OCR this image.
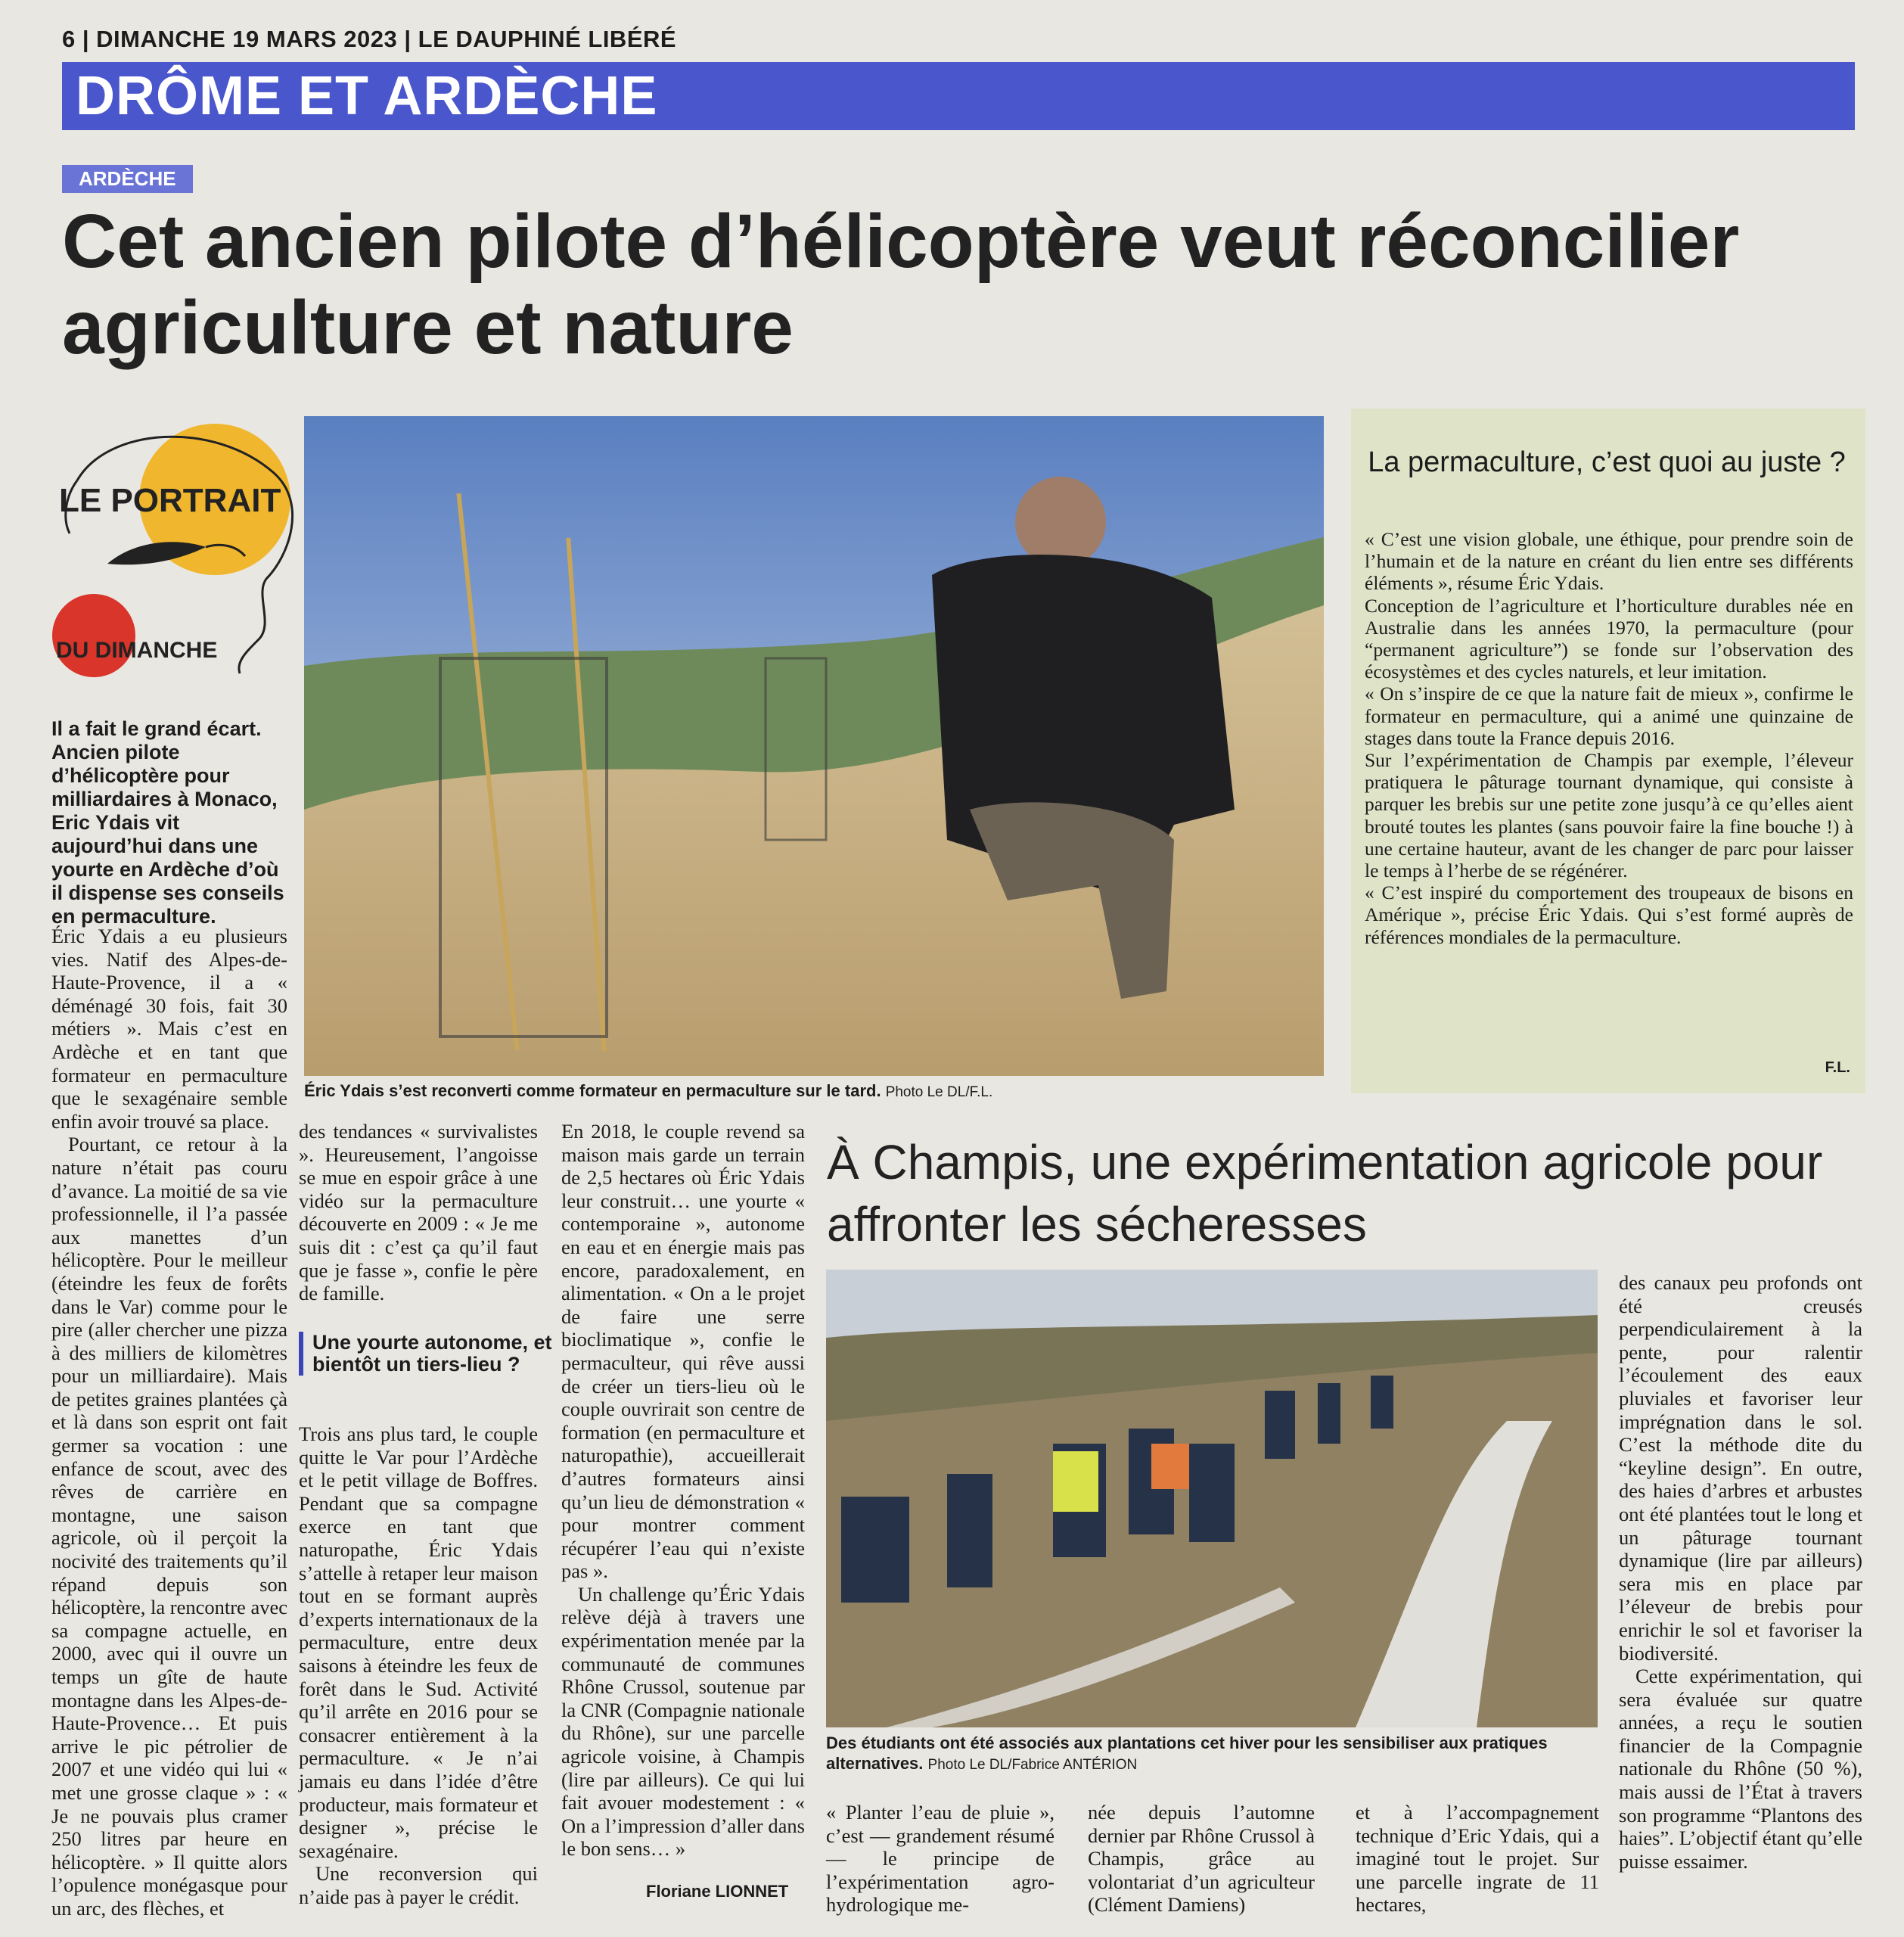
6 | DIMANCHE 19 MARS 2023 | LE DAUPHINÉ LIBÉRÉ
DRÔME ET ARDÈCHE
ARDÈCHE
Cet ancien pilote d’hélicoptère veut réconcilier agriculture et nature
LE PORTRAIT
DU DIMANCHE
Il a fait le grand écart. Ancien pilote d’hélicoptère pour milliardaires à Monaco, Eric Ydais vit aujourd’hui dans une yourte en Ardèche d’où il dispense ses conseils en permaculture.
Éric Ydais s’est reconverti comme formateur en permaculture sur le tard. Photo Le DL/F.L.
La permaculture, c’est quoi au juste ?

« C’est une vision globale, une éthique, pour prendre soin de l’humain et de la nature en créant du lien entre ses différents éléments », résume Éric Ydais.

Conception de l’agriculture et l’horticulture durables née en Australie dans les années 1970, la permaculture (pour “permanent agriculture”) se fonde sur l’observation des écosystèmes et des cycles naturels, et leur imitation.

« On s’inspire de ce que la nature fait de mieux », confirme le formateur en permaculture, qui a animé une quinzaine de stages dans toute la France depuis 2016.

Sur l’expérimentation de Champis par exemple, l’éleveur pratiquera le pâturage tournant dynamique, qui consiste à parquer les brebis sur une petite zone jusqu’à ce qu’elles aient brouté toutes les plantes (sans pouvoir faire la fine bouche !) à une certaine hauteur, avant de les changer de parc pour laisser le temps à l’herbe de se régénérer.

« C’est inspiré du comportement des troupeaux de bisons en Amérique », précise Éric Ydais. Qui s’est formé auprès de références mondiales de la permaculture.

F.L.

Éric Ydais a eu plusieurs vies. Natif des Alpes-de-Haute-Provence, il a « déménagé 30 fois, fait 30 métiers ». Mais c’est en Ardèche et en tant que formateur en permaculture que le sexagénaire semble enfin avoir trouvé sa place.

Pourtant, ce retour à la nature n’était pas couru d’avance. La moitié de sa vie professionnelle, il l’a passée aux manettes d’un hélicoptère. Pour le meilleur (éteindre les feux de forêts dans le Var) comme pour le pire (aller chercher une pizza à des milliers de kilomètres pour un milliardaire). Mais de petites graines plantées çà et là dans son esprit ont fait germer sa vocation : une enfance de scout, avec des rêves de carrière en montagne, une saison agricole, où il perçoit la nocivité des traitements qu’il répand depuis son hélicoptère, la rencontre avec sa compagne actuelle, en 2000, avec qui il ouvre un temps un gîte de haute montagne dans les Alpes-de-Haute-Provence… Et puis arrive le pic pétrolier de 2007 et une vidéo qui lui « met une grosse claque » : « Je ne pouvais plus cramer 250 litres par heure en hélicoptère. » Il quitte alors l’opulence monégasque pour un arc, des flèches, et

des tendances « survivalistes ». Heureusement, l’angoisse se mue en espoir grâce à une vidéo sur la permaculture découverte en 2009 : « Je me suis dit : c’est ça qu’il faut que je fasse », confie le père de famille.

Une yourte autonome, et bientôt un tiers-lieu ?

Trois ans plus tard, le couple quitte le Var pour l’Ardèche et le petit village de Boffres. Pendant que sa compagne exerce en tant que naturopathe, Éric Ydais s’attelle à retaper leur maison tout en se formant auprès d’experts internationaux de la permaculture, entre deux saisons à éteindre les feux de forêt dans le Sud. Activité qu’il arrête en 2016 pour se consacrer entièrement à la permaculture. « Je n’ai jamais eu dans l’idée d’être producteur, mais formateur et designer », précise le sexagénaire.

Une reconversion qui n’aide pas à payer le crédit.

En 2018, le couple revend sa maison mais garde un terrain de 2,5 hectares où Éric Ydais leur construit… une yourte « contemporaine », autonome en eau et en énergie mais pas encore, paradoxalement, en alimentation. « On a le projet de faire une serre bioclimatique », confie le permaculteur, qui rêve aussi de créer un tiers-lieu où le couple ouvrirait son centre de formation (en permaculture et naturopathie), accueillerait d’autres formateurs ainsi qu’un lieu de démonstration « pour montrer comment récupérer l’eau qui n’existe pas ».

Un challenge qu’Éric Ydais relève déjà à travers une expérimentation menée par la communauté de communes Rhône Crussol, soutenue par la CNR (Compagnie nationale du Rhône), sur une parcelle agricole voisine, à Champis (lire par ailleurs). Ce qui lui fait avouer modestement : « On a l’impression d’aller dans le bon sens… »

Floriane LIONNET
À Champis, une expérimentation agricole pour affronter les sécheresses
Des étudiants ont été associés aux plantations cet hiver pour les sensibiliser aux pratiques alternatives. Photo Le DL/Fabrice ANTÉRION

« Planter l’eau de pluie », c’est — grandement résumé — le principe de l’expérimentation agro-hydrologique me-

née depuis l’automne dernier par Rhône Crussol à Champis, grâce au volontariat d’un agriculteur (Clément Damiens)

et à l’accompagnement technique d’Eric Ydais, qui a imaginé tout le projet. Sur une parcelle ingrate de 11 hectares,

des canaux peu profonds ont été creusés perpendiculairement à la pente, pour ralentir l’écoulement des eaux pluviales et favoriser leur imprégnation dans le sol. C’est la méthode dite du “keyline design”. En outre, des haies d’arbres et arbustes ont été plantées tout le long et un pâturage tournant dynamique (lire par ailleurs) sera mis en place par l’éleveur de brebis pour enrichir le sol et favoriser la biodiversité.

Cette expérimentation, qui sera évaluée sur quatre années, a reçu le soutien financier de la Compagnie nationale du Rhône (50 %), mais aussi de l’État à travers son programme “Plantons des haies”. L’objectif étant qu’elle puisse essaimer.
